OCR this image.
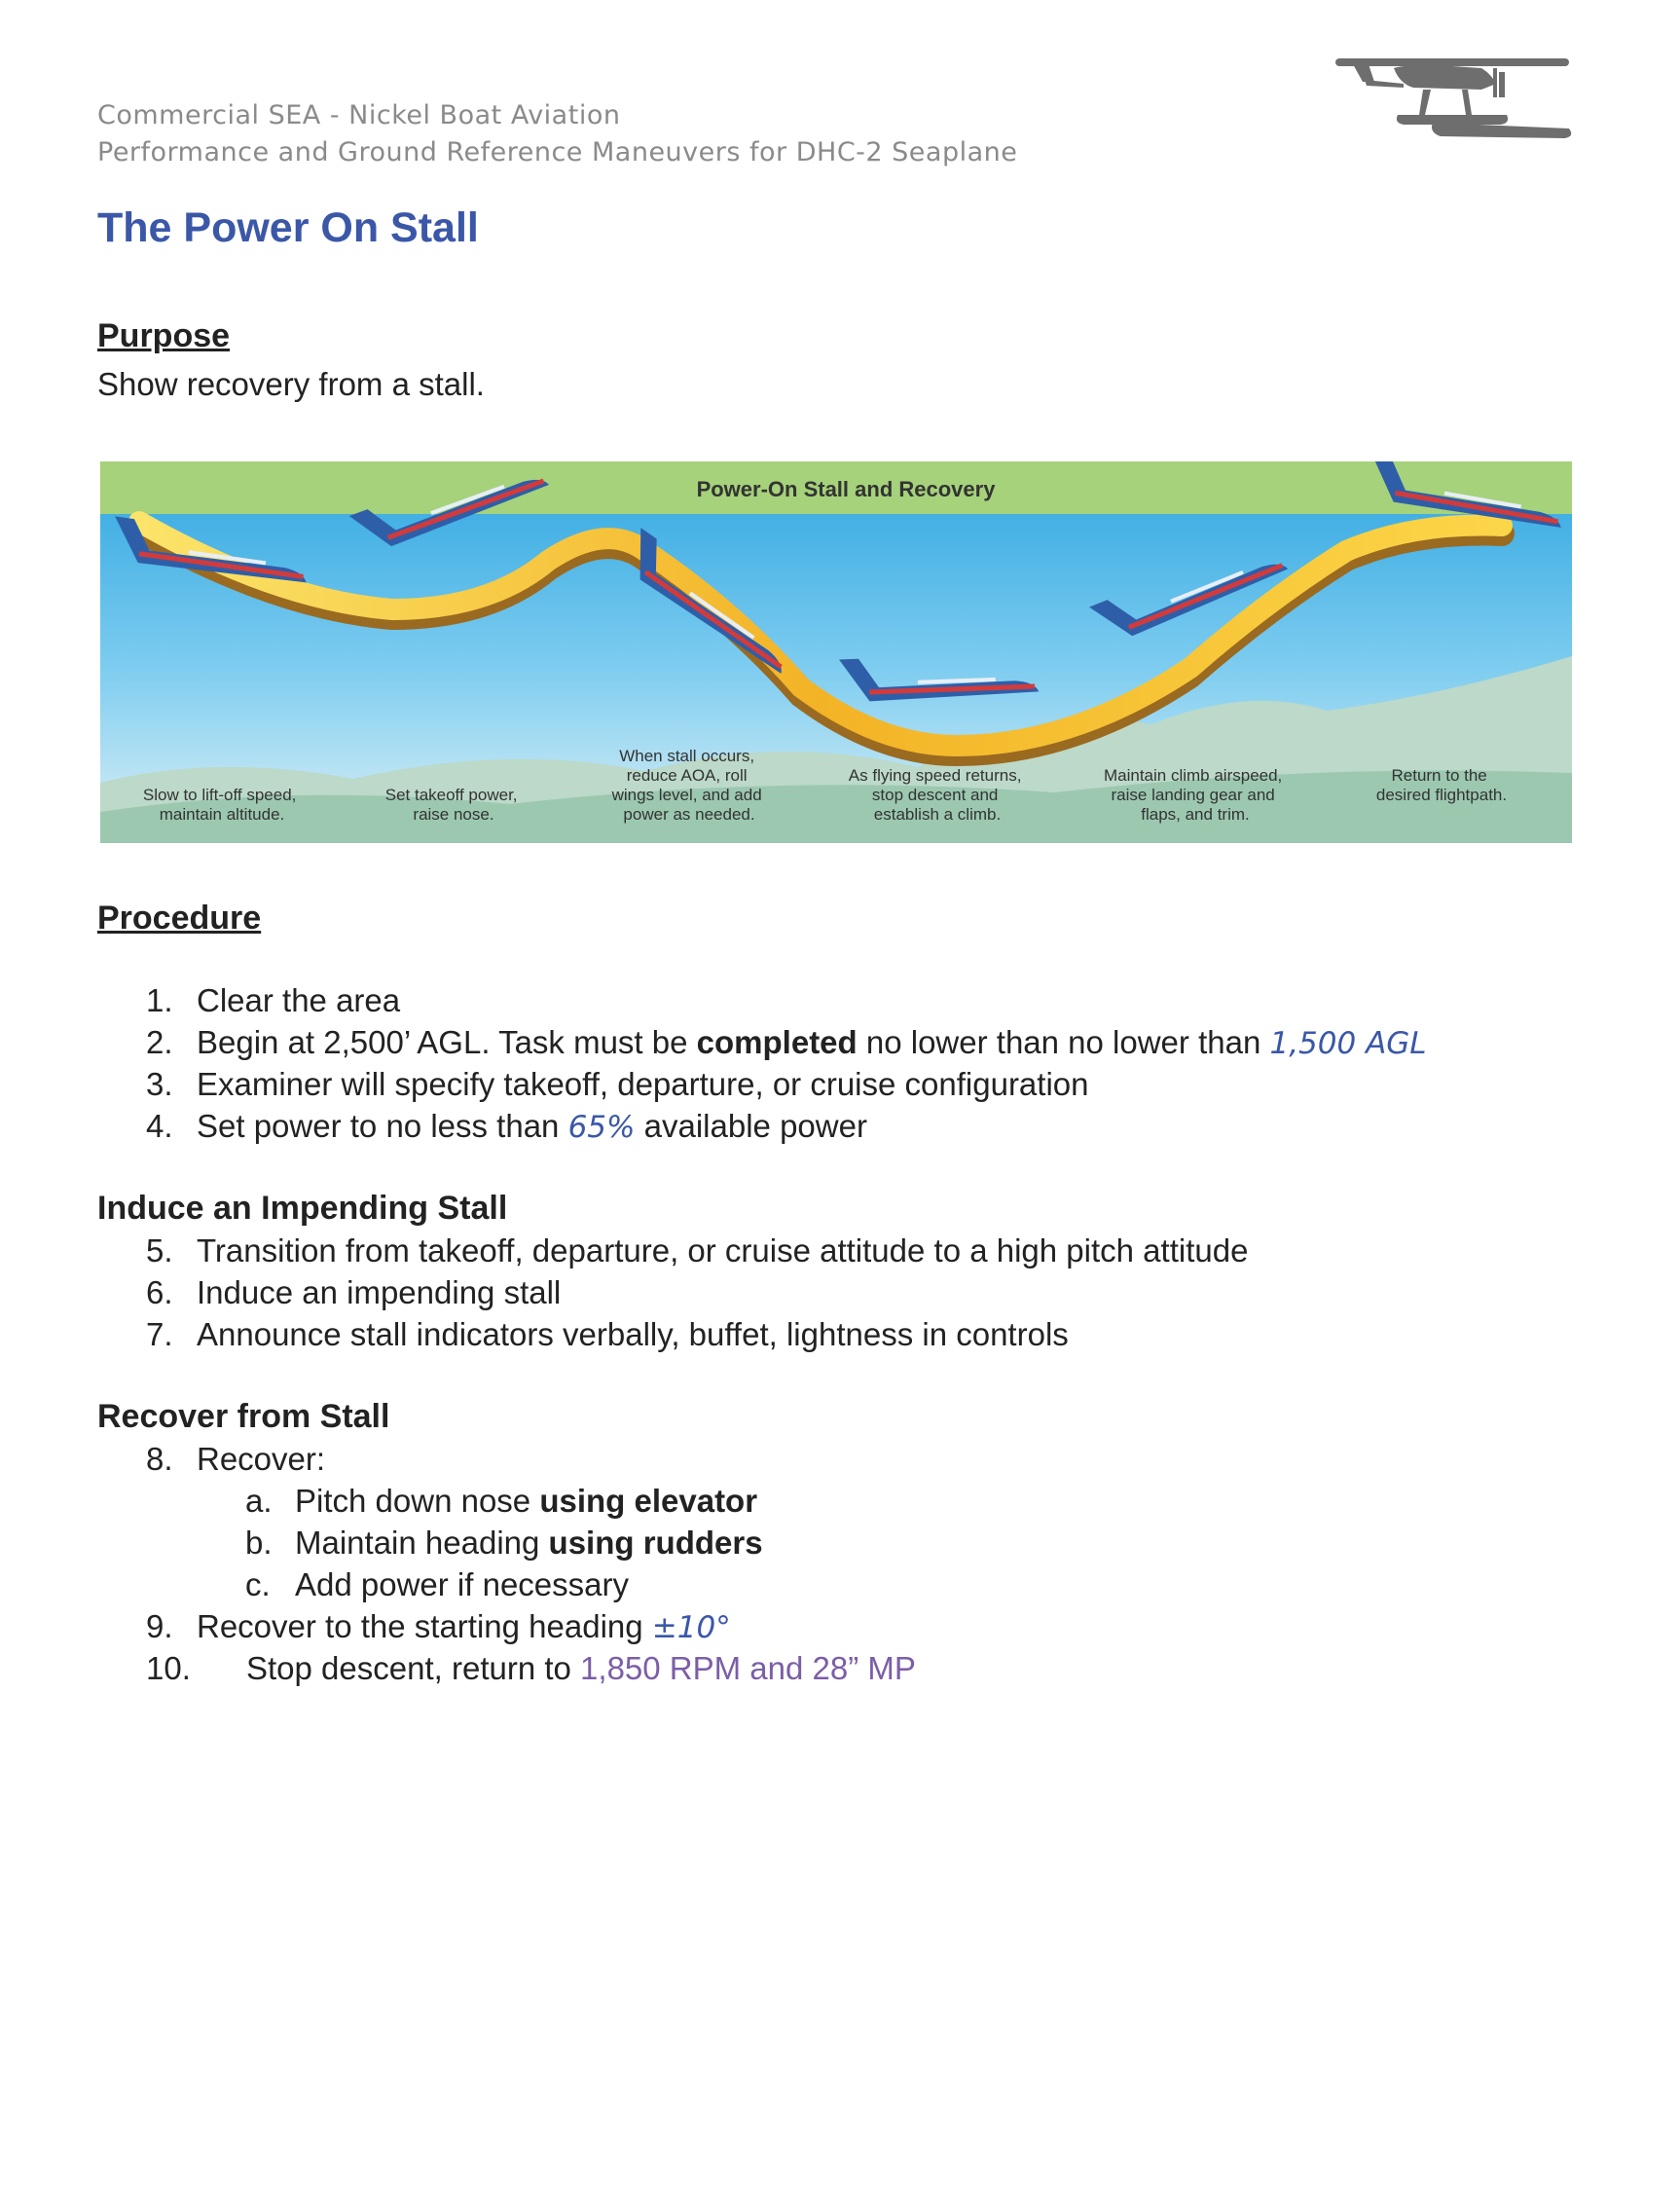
Commercial SEA - Nickel Boat Aviation
Performance and Ground Reference Maneuvers for DHC-2 Seaplane
The Power On Stall
Purpose

Show recovery from a stall.

Power-On Stall and Recovery
Slow to lift-off speed, maintain altitude.
Set takeoff power, raise nose.
When stall occurs, reduce AOA, roll wings level, and add power as needed.
As flying speed returns, stop descent and establish a climb.
Maintain climb airspeed, raise landing gear and flaps, and trim.
Return to the desired flightpath.
Procedure
1. Clear the area
2. Begin at 2,500’ AGL. Task must be completed no lower than no lower than 1,500 AGL
3. Examiner will specify takeoff, departure, or cruise configuration
4. Set power to no less than 65% available power
Induce an Impending Stall
5. Transition from takeoff, departure, or cruise attitude to a high pitch attitude
6. Induce an impending stall
7. Announce stall indicators verbally, buffet, lightness in controls
Recover from Stall
8. Recover:
a. Pitch down nose using elevator
b. Maintain heading using rudders
c. Add power if necessary
9. Recover to the starting heading ±10°
10. Stop descent, return to 1,850 RPM and 28” MP
